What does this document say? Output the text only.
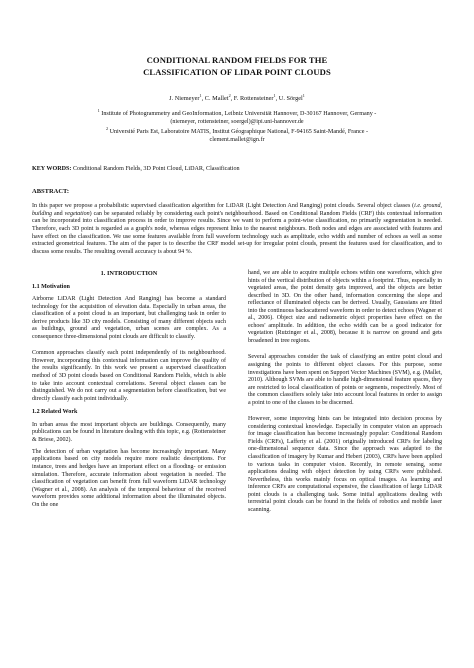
CONDITIONAL RANDOM FIELDS FOR THE
CLASSIFICATION OF LIDAR POINT CLOUDS
J. Niemeyer$^1$, C. Mallet$^2$, F. Rottensteiner$^1$, U. Sörgel$^1$
$^1$ Institute of Photogrammetry and GeoInformation, Leibniz Universität Hannover, D-30167 Hannover, Germany -
(niemeyer, rottensteiner, soergel)@ipi.uni-hannover.de
$^2$ Université Paris Est, Laboratoire MATIS, Institut Géographique National, F-94165 Saint-Mandé, France -
clement.mallet@ign.fr
KEY WORDS: Conditional Random Fields, 3D Point Cloud, LiDAR, Classification
ABSTRACT:

In this paper we propose a probabilistic supervised classification algorithm for LiDAR (Light Detection And Ranging) point clouds. Several object classes (i.e. ground, building and vegetation) can be separated reliably by considering each point's neighbourhood. Based on Conditional Random Fields (CRF) this contextual information can be incorporated into classification process in order to improve results. Since we want to perform a point-wise classification, no primarily segmentation is needed. Therefore, each 3D point is regarded as a graph's node, whereas edges represent links to the nearest neighbours. Both nodes and edges are associated with features and have effect on the classification. We use some features available from full waveform technology such as amplitude, echo width and number of echoes as well as some extracted geometrical features. The aim of the paper is to describe the CRF model set-up for irregular point clouds, present the features used for classification, and to discuss some results. The resulting overall accuracy is about 94 %.

1. INTRODUCTION
1.1 Motivation

Airborne LiDAR (Light Detection And Ranging) has become a standard technology for the acquisition of elevation data. Especially in urban areas, the classification of a point cloud is an important, but challenging task in order to derive products like 3D city models. Consisting of many different objects such as buildings, ground and vegetation, urban scenes are complex. As a consequence three-dimensional point clouds are difficult to classify.

Common approaches classify each point independently of its neighbourhood. However, incorporating this contextual information can improve the quality of the results significantly. In this work we present a supervised classification method of 3D point clouds based on Conditional Random Fields, which is able to take into account contextual correlations. Several object classes can be distinguished. We do not carry out a segmentation before classification, but we directly classify each point individually.

1.2 Related Work

In urban areas the most important objects are buildings. Consequently, many publications can be found in literature dealing with this topic, e.g. (Rottensteiner & Briese, 2002).

The detection of urban vegetation has become increasingly important. Many applications based on city models require more realistic descriptions. For instance, trees and hedges have an important effect on a flooding- or emission simulation. Therefore, accurate information about vegetation is needed. The classification of vegetation can benefit from full waveform LiDAR technology (Wagner et al., 2008). An analysis of the temporal behaviour of the received waveform provides some additional information about the illuminated objects. On the one

hand, we are able to acquire multiple echoes within one waveform, which give hints of the vertical distribution of objects within a footprint. Thus, especially in vegetated areas, the point density gets improved, and the objects are better described in 3D. On the other hand, information concerning the slope and reflectance of illuminated objects can be derived. Usually, Gaussians are fitted into the continuous backscattered waveform in order to detect echoes (Wagner et al., 2006). Object size and radiometric object properties have effect on the echoes' amplitude. In addition, the echo width can be a good indicator for vegetation (Rutzinger et al., 2008), because it is narrow on ground and gets broadened in tree regions.

Several approaches consider the task of classifying an entire point cloud and assigning the points to different object classes. For this purpose, some investigations have been spent on Support Vector Machines (SVM), e.g. (Mallet, 2010). Although SVMs are able to handle high-dimensional feature spaces, they are restricted to local classification of points or segments, respectively. Most of the common classifiers solely take into account local features in order to assign a point to one of the classes to be discerned.

However, some improving hints can be integrated into decision process by considering contextual knowledge. Especially in computer vision an approach for image classification has become increasingly popular: Conditional Random Fields (CRFs), Lafferty et al. (2001) originally introduced CRFs for labeling one-dimensional sequence data. Since the approach was adapted to the classification of imagery by Kumar and Hebert (2003), CRFs have been applied to various tasks in computer vision. Recently, in remote sensing, some applications dealing with object detection by using CRFs were published. Nevertheless, this works mainly focus on optical images. As learning and inference CRFs are computational expensive, the classification of large LiDAR point clouds is a challenging task. Some initial applications dealing with terrestrial point clouds can be found in the fields of robotics and mobile laser scanning.
